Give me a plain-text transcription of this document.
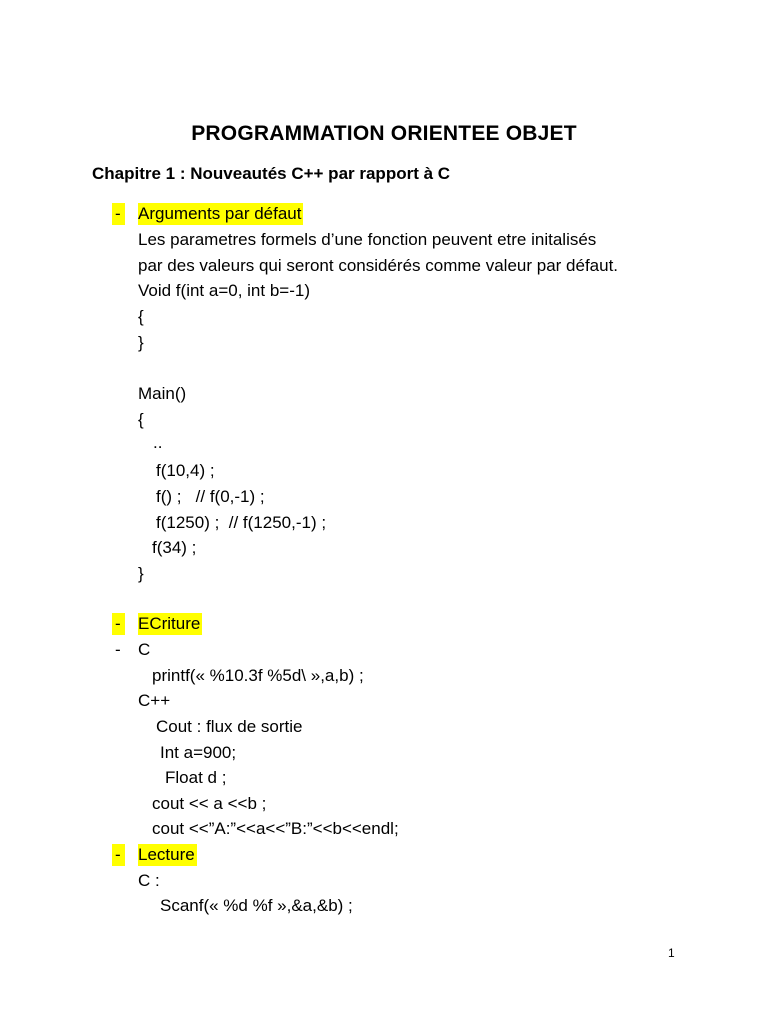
PROGRAMMATION ORIENTEE OBJET
Chapitre 1 : Nouveautés C++ par rapport à C
- Arguments par défaut
Les parametres formels d’une fonction peuvent etre initalisés
par des valeurs qui seront considérés comme valeur par défaut.
Void f(int a=0, int b=-1)
{
}
Main()
{
..
f(10,4) ;
f() ;   // f(0,-1) ;
f(1250) ;  // f(1250,-1) ;
f(34) ;
}
- ECriture
- C
printf(« %10.3f %5d\ »,a,b) ;
C++
Cout : flux de sortie
Int a=900;
Float d ;
cout << a <<b ;
cout <<”A:”<<a<<”B:”<<b<<endl;
- Lecture
C :
Scanf(« %d %f »,&a,&b) ;
1
